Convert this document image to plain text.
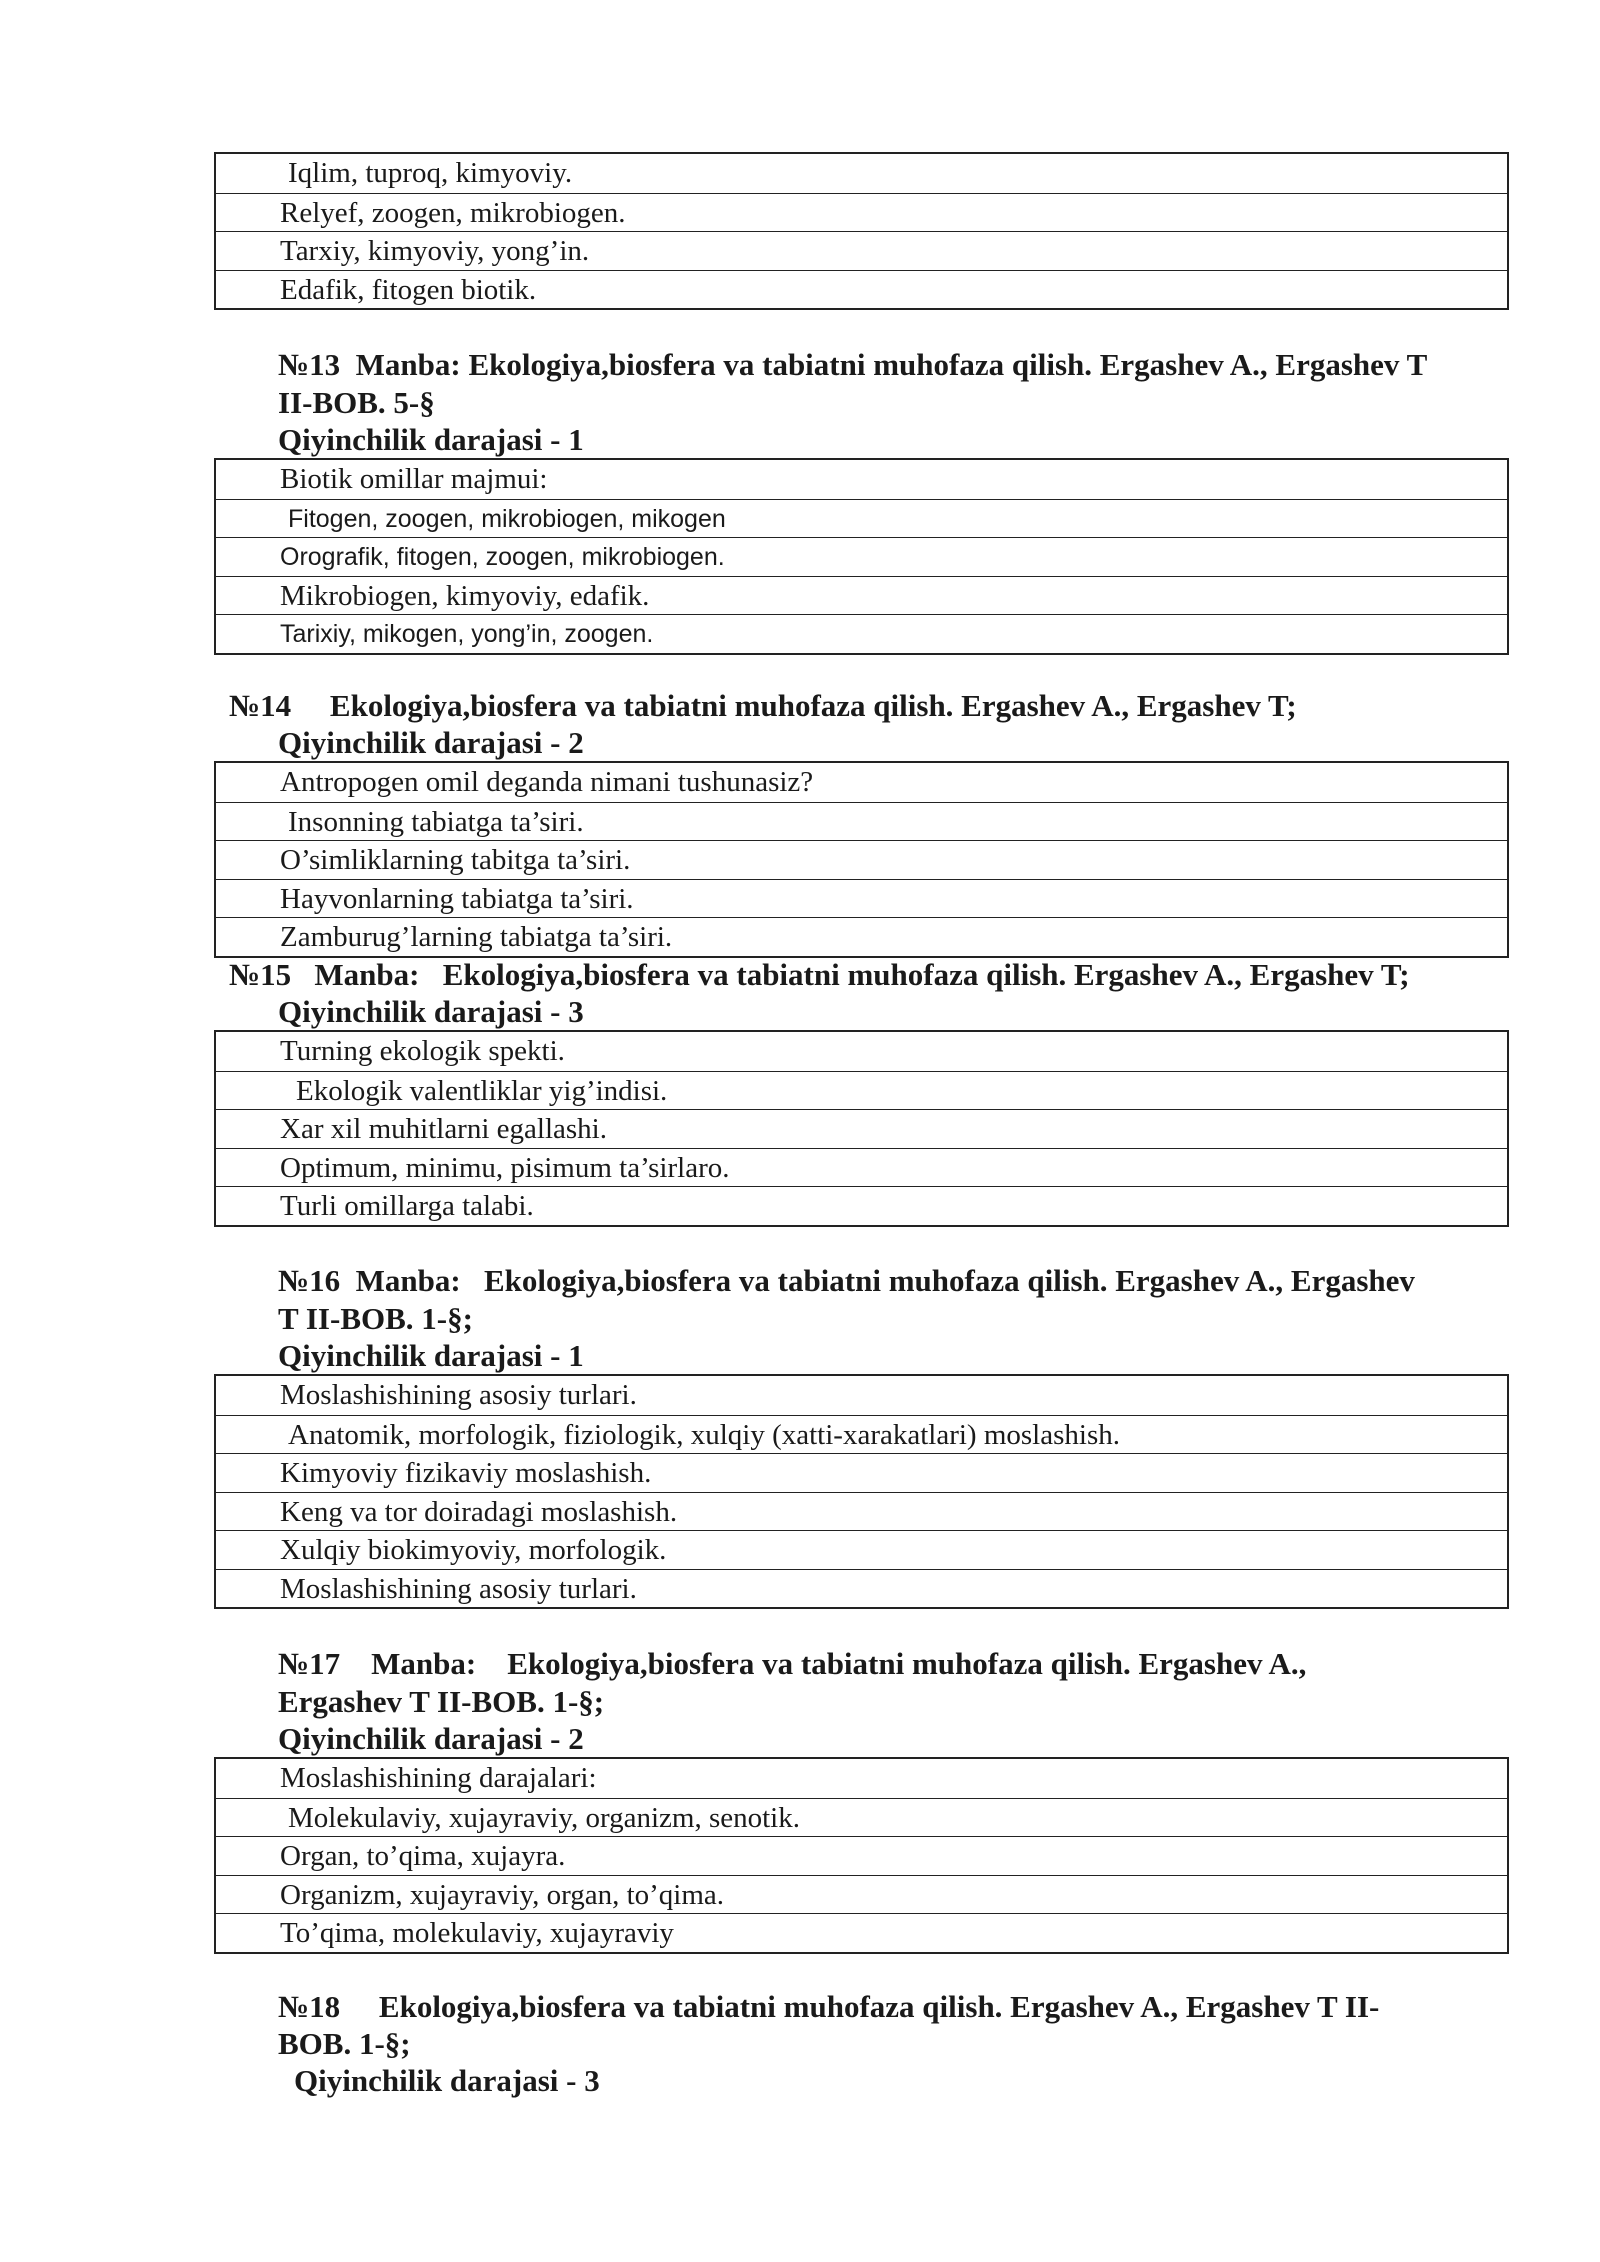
Iqlim, tuproq, kimyoviy.
Relyef, zoogen, mikrobiogen.
Tarxiy, kimyoviy, yong’in.
Edafik, fitogen biotik.
№13  Manba: Ekologiya,biosfera va tabiatni muhofaza qilish. Ergashev A., Ergashev T
II-BOB. 5-§
Qiyinchilik darajasi - 1
Biotik omillar majmui:
Fitogen, zoogen, mikrobiogen, mikogen
Orografik, fitogen, zoogen, mikrobiogen.
Mikrobiogen, kimyoviy, edafik.
Tarixiy, mikogen, yong’in, zoogen.
№14     Ekologiya,biosfera va tabiatni muhofaza qilish. Ergashev A., Ergashev T;
Qiyinchilik darajasi - 2
Antropogen omil deganda nimani tushunasiz?
Insonning tabiatga ta’siri.
O’simliklarning tabitga ta’siri.
Hayvonlarning tabiatga ta’siri.
Zamburug’larning tabiatga ta’siri.
№15   Manba:   Ekologiya,biosfera va tabiatni muhofaza qilish. Ergashev A., Ergashev T;
Qiyinchilik darajasi - 3
Turning ekologik spekti.
Ekologik valentliklar yig’indisi.
Xar xil muhitlarni egallashi.
Optimum, minimu, pisimum ta’sirlaro.
Turli omillarga talabi.
№16  Manba:   Ekologiya,biosfera va tabiatni muhofaza qilish. Ergashev A., Ergashev
T II-BOB. 1-§;
Qiyinchilik darajasi - 1
Moslashishining asosiy turlari.
Anatomik, morfologik, fiziologik, xulqiy (xatti-xarakatlari) moslashish.
Kimyoviy fizikaviy moslashish.
Keng va tor doiradagi moslashish.
Xulqiy biokimyoviy, morfologik.
Moslashishining asosiy turlari.
№17    Manba:    Ekologiya,biosfera va tabiatni muhofaza qilish. Ergashev A.,
Ergashev T II-BOB. 1-§;
Qiyinchilik darajasi - 2
Moslashishining darajalari:
Molekulaviy, xujayraviy, organizm, senotik.
Organ, to’qima, xujayra.
Organizm, xujayraviy, organ, to’qima.
To’qima, molekulaviy, xujayraviy
№18     Ekologiya,biosfera va tabiatni muhofaza qilish. Ergashev A., Ergashev T II-
BOB. 1-§;
Qiyinchilik darajasi - 3
